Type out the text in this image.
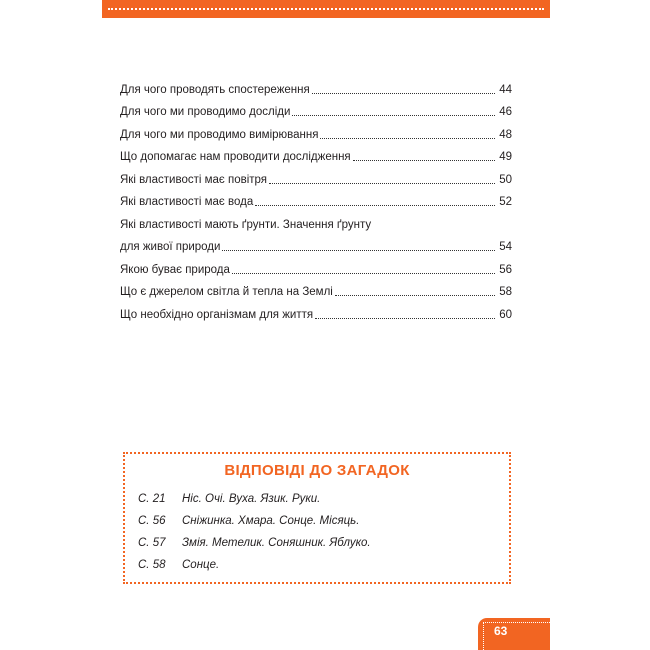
Для чого проводять спостереження	44
Для чого ми проводимо досліди	46
Для чого ми проводимо вимірювання	48
Що допомагає нам проводити дослідження	49
Які властивості має повітря	50
Які властивості має вода	52
Які властивості мають ґрунти. Значення ґрунту
для живої природи	54
Якою буває природа	56
Що є джерелом світла й тепла на Землі	58
Що необхідно організмам для життя	60
ВІДПОВІДІ ДО ЗАГАДОК
С. 21	Ніс. Очі. Вуха. Язик. Руки.
С. 56	Сніжинка. Хмара. Сонце. Місяць.
С. 57	Змія. Метелик. Соняшник. Яблуко.
С. 58	Сонце.
63
